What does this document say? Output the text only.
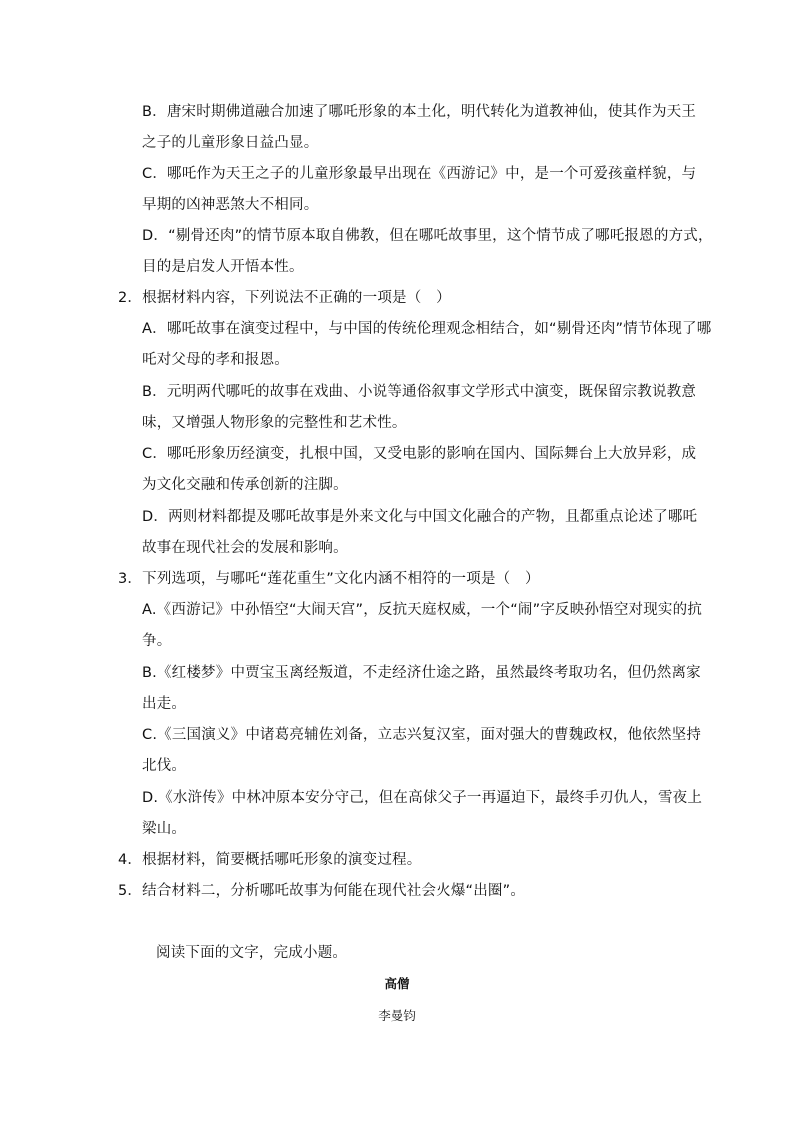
B．唐宋时期佛道融合加速了哪吒形象的本土化，明代转化为道教神仙，使其作为天王
之子的儿童形象日益凸显。
C．哪吒作为天王之子的儿童形象最早出现在《西游记》中，是一个可爱孩童样貌，与
早期的凶神恶煞大不相同。
D．“剔骨还肉”的情节原本取自佛教，但在哪吒故事里，这个情节成了哪吒报恩的方式，
目的是启发人开悟本性。
2．根据材料内容，下列说法不正确的一项是（　）
A．哪吒故事在演变过程中，与中国的传统伦理观念相结合，如“剔骨还肉”情节体现了哪
吒对父母的孝和报恩。
B．元明两代哪吒的故事在戏曲、小说等通俗叙事文学形式中演变，既保留宗教说教意
味，又增强人物形象的完整性和艺术性。
C．哪吒形象历经演变，扎根中国，又受电影的影响在国内、国际舞台上大放异彩，成
为文化交融和传承创新的注脚。
D．两则材料都提及哪吒故事是外来文化与中国文化融合的产物，且都重点论述了哪吒
故事在现代社会的发展和影响。
3．下列选项，与哪吒“莲花重生”文化内涵不相符的一项是（　）
A.《西游记》中孙悟空“大闹天宫”，反抗天庭权威，一个“闹”字反映孙悟空对现实的抗
争。
B.《红楼梦》中贾宝玉离经叛道，不走经济仕途之路，虽然最终考取功名，但仍然离家
出走。
C.《三国演义》中诸葛亮辅佐刘备，立志兴复汉室，面对强大的曹魏政权，他依然坚持
北伐。
D.《水浒传》中林冲原本安分守己，但在高俅父子一再逼迫下，最终手刃仇人，雪夜上
梁山。
4．根据材料，简要概括哪吒形象的演变过程。
5．结合材料二，分析哪吒故事为何能在现代社会火爆“出圈”。
阅读下面的文字，完成小题。
高僧
李曼钧
